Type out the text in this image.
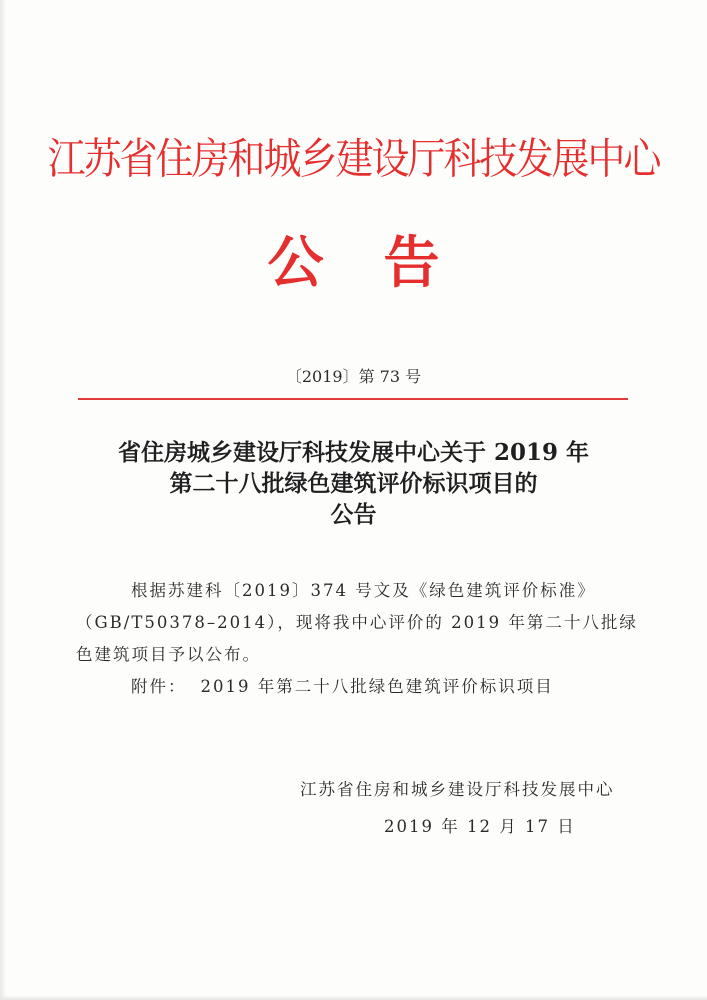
江苏省住房和城乡建设厅科技发展中心
公告
〔2019〕第 73 号
省住房城乡建设厅科技发展中心关于 2019 年
第二十八批绿色建筑评价标识项目的
公告

根据苏建科〔2019〕374 号文及《绿色建筑评价标准》

（GB/T50378–2014），现将我中心评价的 2019 年第二十八批绿

色建筑项目予以公布。

附件： 2019 年第二十八批绿色建筑评价标识项目

江苏省住房和城乡建设厅科技发展中心
2019 年 12 月 17 日
